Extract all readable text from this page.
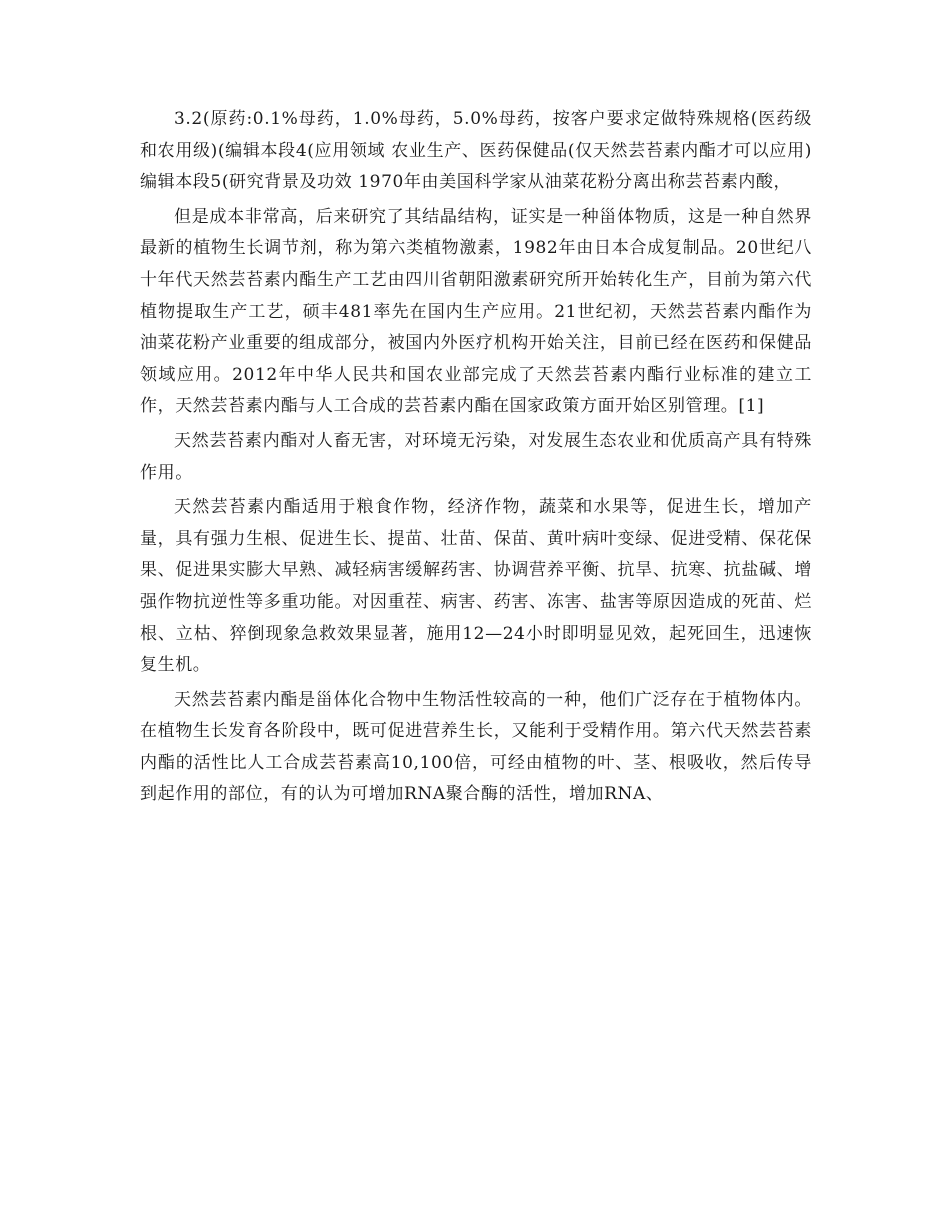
3.2(原药:0.1%母药，1.0%母药，5.0%母药，按客户要求定做特殊规格(医药级和农用级)(编辑本段4(应用领域 农业生产、医药保健品(仅天然芸苔素内酯才可以应用)编辑本段5(研究背景及功效 1970年由美国科学家从油菜花粉分离出称芸苔素内酸，

但是成本非常高，后来研究了其结晶结构，证实是一种甾体物质，这是一种自然界最新的植物生长调节剂，称为第六类植物激素，1982年由日本合成复制品。20世纪八十年代天然芸苔素内酯生产工艺由四川省朝阳激素研究所开始转化生产，目前为第六代植物提取生产工艺，硕丰481率先在国内生产应用。21世纪初，天然芸苔素内酯作为油菜花粉产业重要的组成部分，被国内外医疗机构开始关注，目前已经在医药和保健品领域应用。2012年中华人民共和国农业部完成了天然芸苔素内酯行业标准的建立工作，天然芸苔素内酯与人工合成的芸苔素内酯在国家政策方面开始区别管理。[1]

天然芸苔素内酯对人畜无害，对环境无污染，对发展生态农业和优质高产具有特殊作用。

天然芸苔素内酯适用于粮食作物，经济作物，蔬菜和水果等，促进生长，增加产量，具有强力生根、促进生长、提苗、壮苗、保苗、黄叶病叶变绿、促进受精、保花保果、促进果实膨大早熟、减轻病害缓解药害、协调营养平衡、抗旱、抗寒、抗盐碱、增强作物抗逆性等多重功能。对因重茬、病害、药害、冻害、盐害等原因造成的死苗、烂根、立枯、猝倒现象急救效果显著，施用12—24小时即明显见效，起死回生，迅速恢复生机。

天然芸苔素内酯是甾体化合物中生物活性较高的一种，他们广泛存在于植物体内。在植物生长发育各阶段中，既可促进营养生长，又能利于受精作用。第六代天然芸苔素内酯的活性比人工合成芸苔素高10,100倍，可经由植物的叶、茎、根吸收，然后传导到起作用的部位，有的认为可增加RNA聚合酶的活性，增加RNA、
